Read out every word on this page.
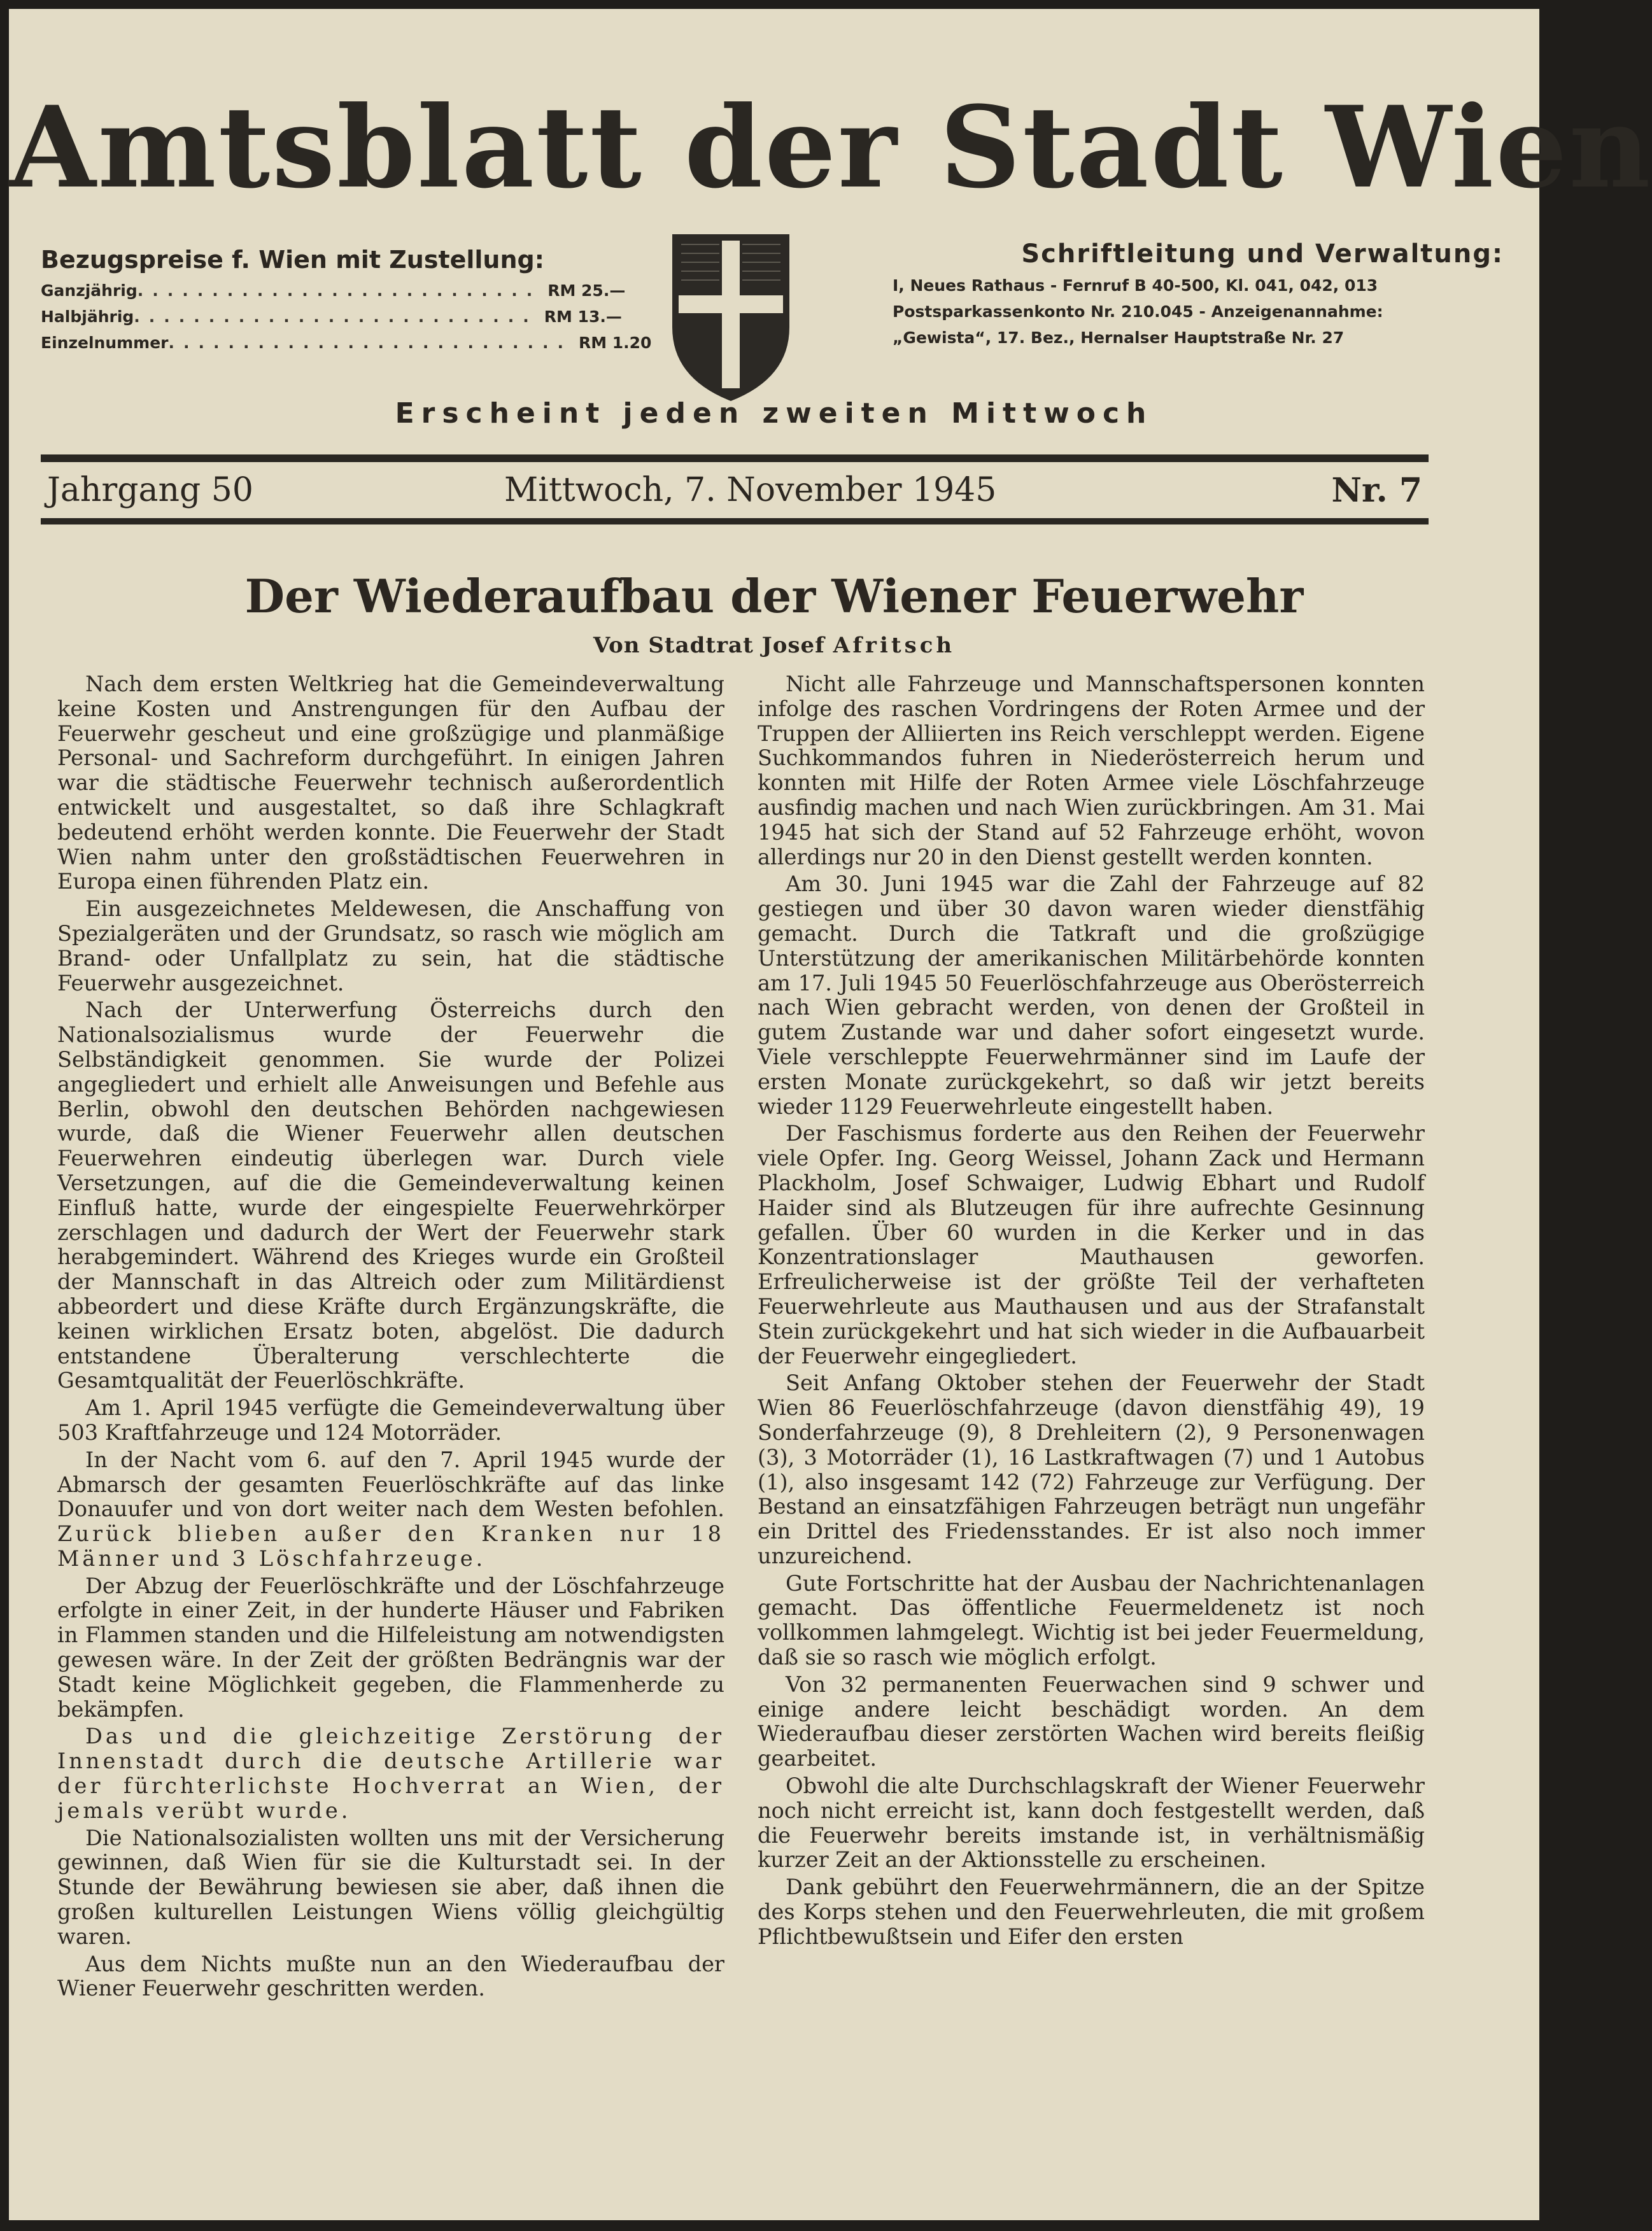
Amtsblatt der Stadt Wien
Bezugspreise f. Wien mit Zustellung:
Ganzjährig ........................... RM 25.—
Halbjährig ........................... RM 13.—
Einzelnummer ........................... RM 1.20
Schriftleitung und Verwaltung:
I, Neues Rathaus - Fernruf B 40-500, Kl. 041, 042, 013
Postsparkassenkonto Nr. 210.045 - Anzeigenannahme:
„Gewista“, 17. Bez., Hernalser Hauptstraße Nr. 27
Erscheint jeden zweiten Mittwoch
Jahrgang 50	Mittwoch, 7. November 1945	Nr. 7
Der Wiederaufbau der Wiener Feuerwehr
Von Stadtrat Josef Afritsch

Nach dem ersten Weltkrieg hat die Gemeindeverwaltung keine Kosten und Anstrengungen für den Aufbau der Feuerwehr gescheut und eine großzügige und planmäßige Personal- und Sachreform durchgeführt. In einigen Jahren war die städtische Feuerwehr technisch außerordentlich entwickelt und ausgestaltet, so daß ihre Schlagkraft bedeutend erhöht werden konnte. Die Feuerwehr der Stadt Wien nahm unter den großstädtischen Feuerwehren in Europa einen führenden Platz ein.

Ein ausgezeichnetes Meldewesen, die Anschaffung von Spezialgeräten und der Grundsatz, so rasch wie möglich am Brand- oder Unfallplatz zu sein, hat die städtische Feuerwehr ausgezeichnet.

Nach der Unterwerfung Österreichs durch den Nationalsozialismus wurde der Feuerwehr die Selbständigkeit genommen. Sie wurde der Polizei angegliedert und erhielt alle Anweisungen und Befehle aus Berlin, obwohl den deutschen Behörden nachgewiesen wurde, daß die Wiener Feuerwehr allen deutschen Feuerwehren eindeutig überlegen war. Durch viele Versetzungen, auf die die Gemeindeverwaltung keinen Einfluß hatte, wurde der eingespielte Feuerwehrkörper zerschlagen und dadurch der Wert der Feuerwehr stark herabgemindert. Während des Krieges wurde ein Großteil der Mannschaft in das Altreich oder zum Militärdienst abbeordert und diese Kräfte durch Ergänzungskräfte, die keinen wirklichen Ersatz boten, abgelöst. Die dadurch entstandene Überalterung verschlechterte die Gesamtqualität der Feuerlöschkräfte.

Am 1. April 1945 verfügte die Gemeindeverwaltung über 503 Kraftfahrzeuge und 124 Motorräder.

In der Nacht vom 6. auf den 7. April 1945 wurde der Abmarsch der gesamten Feuerlöschkräfte auf das linke Donauufer und von dort weiter nach dem Westen befohlen. Zurück blieben außer den Kranken nur 18 Männer und 3 Löschfahrzeuge.

Der Abzug der Feuerlöschkräfte und der Löschfahrzeuge erfolgte in einer Zeit, in der hunderte Häuser und Fabriken in Flammen standen und die Hilfeleistung am notwendigsten gewesen wäre. In der Zeit der größten Bedrängnis war der Stadt keine Möglichkeit gegeben, die Flammenherde zu bekämpfen.

Das und die gleichzeitige Zerstörung der Innenstadt durch die deutsche Artillerie war der fürchterlichste Hochverrat an Wien, der jemals verübt wurde.

Die Nationalsozialisten wollten uns mit der Versicherung gewinnen, daß Wien für sie die Kulturstadt sei. In der Stunde der Bewährung bewiesen sie aber, daß ihnen die großen kulturellen Leistungen Wiens völlig gleichgültig waren.

Aus dem Nichts mußte nun an den Wiederaufbau der Wiener Feuerwehr geschritten werden.

Nicht alle Fahrzeuge und Mannschaftspersonen konnten infolge des raschen Vordringens der Roten Armee und der Truppen der Alliierten ins Reich verschleppt werden. Eigene Suchkommandos fuhren in Niederösterreich herum und konnten mit Hilfe der Roten Armee viele Löschfahrzeuge ausfindig machen und nach Wien zurückbringen. Am 31. Mai 1945 hat sich der Stand auf 52 Fahrzeuge erhöht, wovon allerdings nur 20 in den Dienst gestellt werden konnten.

Am 30. Juni 1945 war die Zahl der Fahrzeuge auf 82 gestiegen und über 30 davon waren wieder dienstfähig gemacht. Durch die Tatkraft und die großzügige Unterstützung der amerikanischen Militärbehörde konnten am 17. Juli 1945 50 Feuerlöschfahrzeuge aus Oberösterreich nach Wien gebracht werden, von denen der Großteil in gutem Zustande war und daher sofort eingesetzt wurde. Viele verschleppte Feuerwehrmänner sind im Laufe der ersten Monate zurückgekehrt, so daß wir jetzt bereits wieder 1129 Feuerwehrleute eingestellt haben.

Der Faschismus forderte aus den Reihen der Feuerwehr viele Opfer. Ing. Georg Weissel, Johann Zack und Hermann Plackholm, Josef Schwaiger, Ludwig Ebhart und Rudolf Haider sind als Blutzeugen für ihre aufrechte Gesinnung gefallen. Über 60 wurden in die Kerker und in das Konzentrationslager Mauthausen geworfen. Erfreulicherweise ist der größte Teil der verhafteten Feuerwehrleute aus Mauthausen und aus der Strafanstalt Stein zurückgekehrt und hat sich wieder in die Aufbauarbeit der Feuerwehr eingegliedert.

Seit Anfang Oktober stehen der Feuerwehr der Stadt Wien 86 Feuerlöschfahrzeuge (davon dienstfähig 49), 19 Sonderfahrzeuge (9), 8 Drehleitern (2), 9 Personenwagen (3), 3 Motorräder (1), 16 Lastkraftwagen (7) und 1 Autobus (1), also insgesamt 142 (72) Fahrzeuge zur Verfügung. Der Bestand an einsatzfähigen Fahrzeugen beträgt nun ungefähr ein Drittel des Friedensstandes. Er ist also noch immer unzureichend.

Gute Fortschritte hat der Ausbau der Nachrichtenanlagen gemacht. Das öffentliche Feuermeldenetz ist noch vollkommen lahmgelegt. Wichtig ist bei jeder Feuermeldung, daß sie so rasch wie möglich erfolgt.

Von 32 permanenten Feuerwachen sind 9 schwer und einige andere leicht beschädigt worden. An dem Wiederaufbau dieser zerstörten Wachen wird bereits fleißig gearbeitet.

Obwohl die alte Durchschlagskraft der Wiener Feuerwehr noch nicht erreicht ist, kann doch festgestellt werden, daß die Feuerwehr bereits imstande ist, in verhältnismäßig kurzer Zeit an der Aktionsstelle zu erscheinen.

Dank gebührt den Feuerwehrmännern, die an der Spitze des Korps stehen und den Feuerwehrleuten, die mit großem Pflichtbewußtsein und Eifer den ersten
